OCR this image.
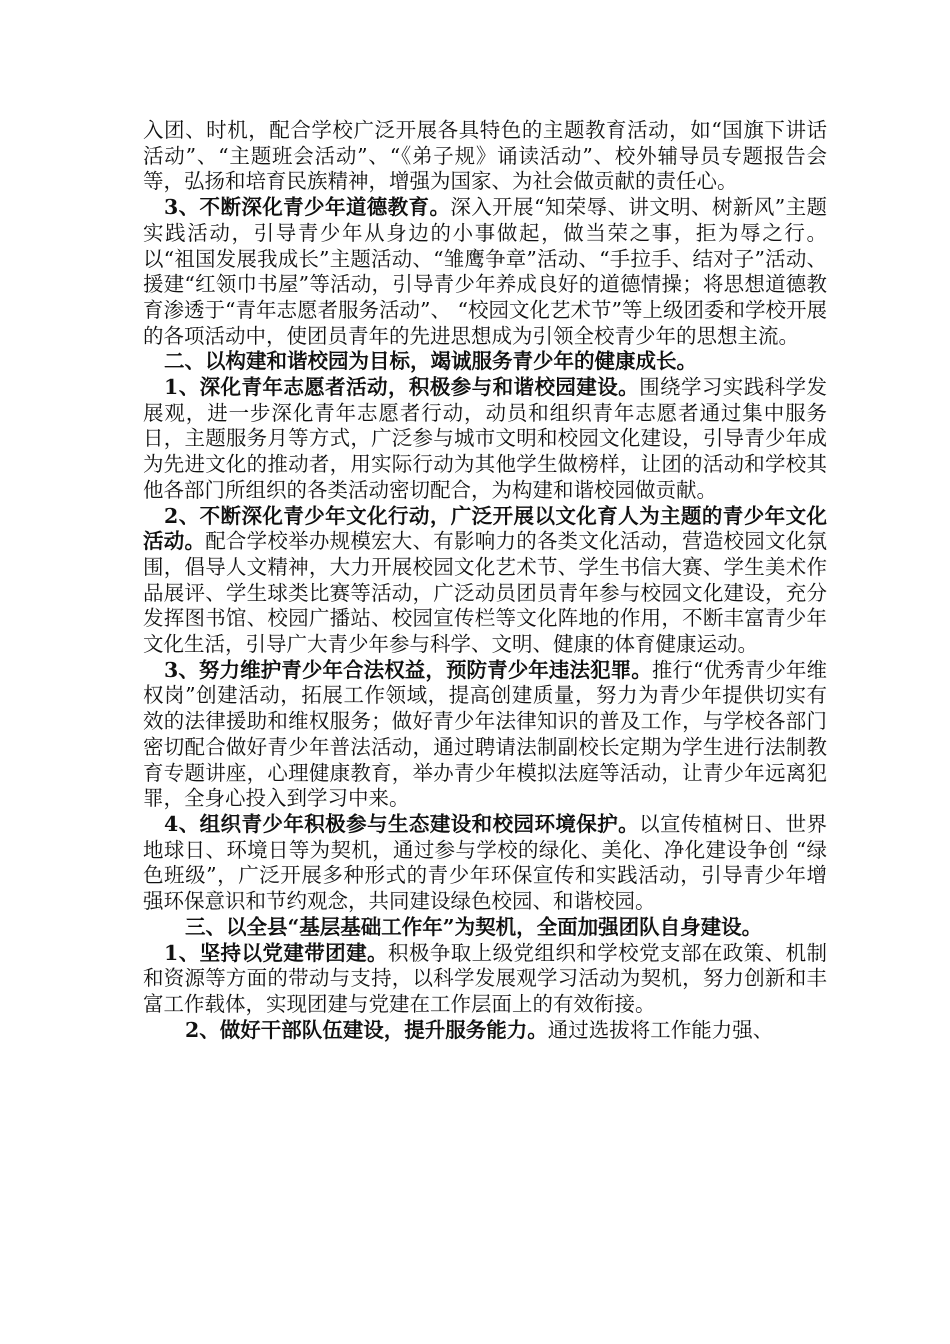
入团、时机，配合学校广泛开展各具特色的主题教育活动，如“国旗下讲话活动”、“主题班会活动”、“《弟子规》诵读活动”、校外辅导员专题报告会等，弘扬和培育民族精神，增强为国家、为社会做贡献的责任心。

3、不断深化青少年道德教育。深入开展“知荣辱、讲文明、树新风”主题实践活动，引导青少年从身边的小事做起，做当荣之事，拒为辱之行。以“祖国发展我成长”主题活动、“雏鹰争章”活动、“手拉手、结对子”活动、援建“红领巾书屋”等活动，引导青少年养成良好的道德情操；将思想道德教育渗透于“青年志愿者服务活动”、 “校园文化艺术节”等上级团委和学校开展的各项活动中，使团员青年的先进思想成为引领全校青少年的思想主流。

二、以构建和谐校园为目标，竭诚服务青少年的健康成长。

1、深化青年志愿者活动，积极参与和谐校园建设。围绕学习实践科学发展观，进一步深化青年志愿者行动，动员和组织青年志愿者通过集中服务日，主题服务月等方式，广泛参与城市文明和校园文化建设，引导青少年成为先进文化的推动者，用实际行动为其他学生做榜样，让团的活动和学校其他各部门所组织的各类活动密切配合，为构建和谐校园做贡献。

2、不断深化青少年文化行动，广泛开展以文化育人为主题的青少年文化活动。配合学校举办规模宏大、有影响力的各类文化活动，营造校园文化氛围，倡导人文精神，大力开展校园文化艺术节、学生书信大赛、学生美术作品展评、学生球类比赛等活动，广泛动员团员青年参与校园文化建设，充分发挥图书馆、校园广播站、校园宣传栏等文化阵地的作用，不断丰富青少年文化生活，引导广大青少年参与科学、文明、健康的体育健康运动。

3、努力维护青少年合法权益，预防青少年违法犯罪。推行“优秀青少年维权岗”创建活动，拓展工作领域，提高创建质量，努力为青少年提供切实有效的法律援助和维权服务；做好青少年法律知识的普及工作，与学校各部门密切配合做好青少年普法活动，通过聘请法制副校长定期为学生进行法制教育专题讲座，心理健康教育，举办青少年模拟法庭等活动，让青少年远离犯罪，全身心投入到学习中来。

4、组织青少年积极参与生态建设和校园环境保护。以宣传植树日、世界地球日、环境日等为契机，通过参与学校的绿化、美化、净化建设争创 “绿色班级”，广泛开展多种形式的青少年环保宣传和实践活动，引导青少年增强环保意识和节约观念，共同建设绿色校园、和谐校园。

三、以全县“基层基础工作年”为契机，全面加强团队自身建设。

1、坚持以党建带团建。积极争取上级党组织和学校党支部在政策、机制和资源等方面的带动与支持，以科学发展观学习活动为契机，努力创新和丰富工作载体，实现团建与党建在工作层面上的有效衔接。

2、做好干部队伍建设，提升服务能力。通过选拔将工作能力强、
